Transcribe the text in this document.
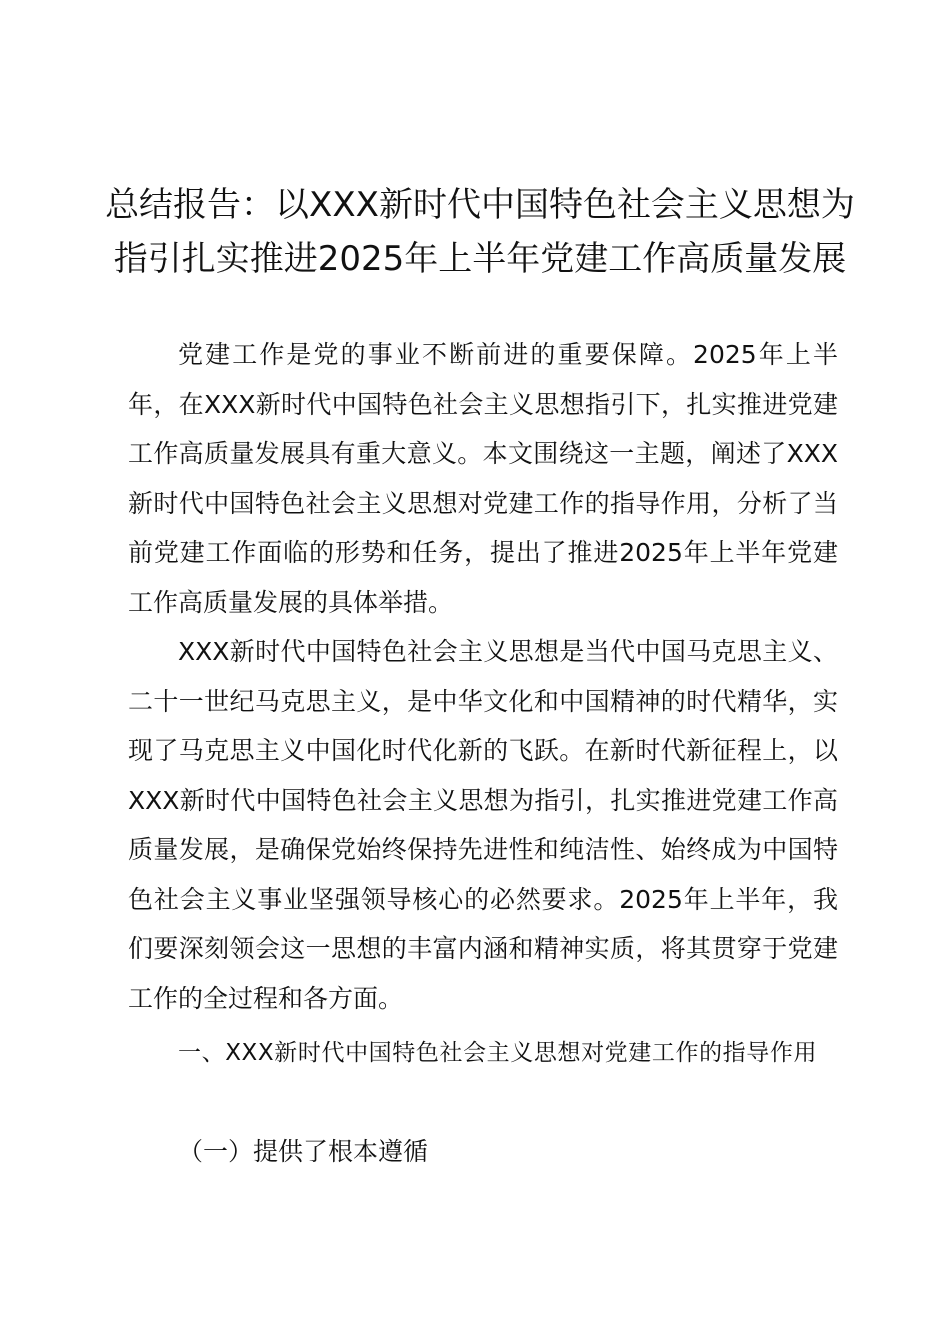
总结报告：以XXX新时代中国特色社会主义思想为指引扎实推进2025年上半年党建工作高质量发展

党建工作是党的事业不断前进的重要保障。2025年上半年，在XXX新时代中国特色社会主义思想指引下，扎实推进党建工作高质量发展具有重大意义。本文围绕这一主题，阐述了XXX新时代中国特色社会主义思想对党建工作的指导作用，分析了当前党建工作面临的形势和任务，提出了推进2025年上半年党建工作高质量发展的具体举措。

XXX新时代中国特色社会主义思想是当代中国马克思主义、二十一世纪马克思主义，是中华文化和中国精神的时代精华，实现了马克思主义中国化时代化新的飞跃。在新时代新征程上，以XXX新时代中国特色社会主义思想为指引，扎实推进党建工作高质量发展，是确保党始终保持先进性和纯洁性、始终成为中国特色社会主义事业坚强领导核心的必然要求。2025年上半年，我们要深刻领会这一思想的丰富内涵和精神实质，将其贯穿于党建工作的全过程和各方面。

一、XXX新时代中国特色社会主义思想对党建工作的指导作用

（一）提供了根本遵循
